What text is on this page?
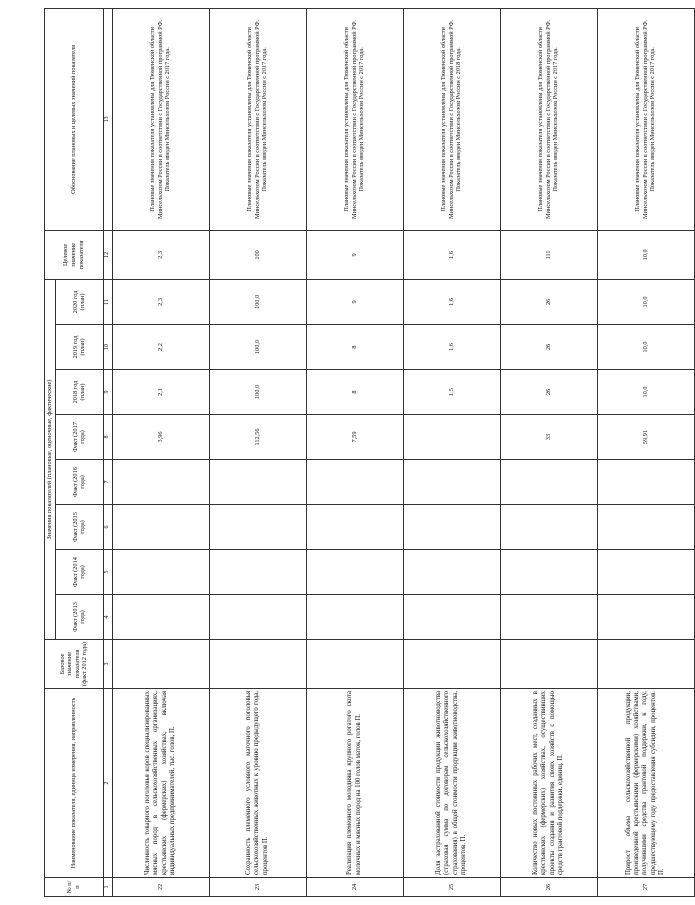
№ п/п	Наименование показателя, единица измерения, направленность	Базовое значение показателя (факт 2012 года)	Значения показателей (плановые, оценочные, фактические)								Целевое значение показателя	Обоснование плановых и целевых значений показателя
			Факт (2013 года)	Факт (2014 года)	Факт (2015 года)	Факт (2016 года)	Факт (2017 года)	2018 год (план)	2019 год (план)	2020 год (план)		
1	2	3	4	5	6	7	8	9	10	11	12	13
22	Численность товарного поголовья коров специализированных мясных пород в сельскохозяйственных организациях, крестьянских (фермерских) хозяйствах, включая индивидуальных предпринимателей, тыс. голов, П.						3,96	2,1	2,2	2,3	2,3	Плановые значения показателя установлены для Тюменской области Минсельхозом России в соответствии с Государственной программой РФ. Показатель введен Минсельхозом России с 2017 года.
23	Сохранность племенного условного маточного поголовья сельскохозяйственных животных к уровню предыдущего года, процентов П.						112,56	100,0	100,0	100,0	100	Плановые значения показателя установлены для Тюменской области Минсельхозом России в соответствии с Государственной программой РФ. Показатель введен Минсельхозом России с 2017 года.
24	Реализация племенного молодняка крупного рогатого скота молочных и мясных пород на 100 голов маток, голов П.						7,59	8	8	9	9	Плановые значения показателя установлены для Тюменской области Минсельхозом России в соответствии с Государственной программой РФ. Показатель введен Минсельхозом России с 2017 года.
25	Доля застрахованной стоимости продукции животноводства (страховая сумма по договорам сельскохозяйственного страхования) в общей стоимости продукции животноводства, процентов. П.							1,5	1,6	1,6	1,6	Плановые значения показателя установлены для Тюменской области Минсельхозом России в соответствии с Государственной программой РФ. Показатель введен Минсельхозом России с 2018 года.
26	Количество новых постоянных рабочих мест, созданных в крестьянских (фермерских) хозяйствах, осуществивших проекты создания и развития своих хозяйств с помощью средств грантовой поддержки, единиц. П.						33	26	26	26	111	Плановые значения показателя установлены для Тюменской области Минсельхозом России в соответствии с Государственной программой РФ. Показатель введен Минсельхозом России с 2017 года.
27	Прирост объема сельскохозяйственной продукции, произведенной крестьянскими (фермерскими) хозяйствами, получившими средства грантовой поддержки, к году, предшествующему году предоставления субсидии, процентов. П.						59,91	10,0	10,0	10,0	10,0	Плановые значения показателя установлены для Тюменской области Минсельхозом России в соответствии с Государственной программой РФ. Показатель введен Минсельхозом России с 2017 года.
